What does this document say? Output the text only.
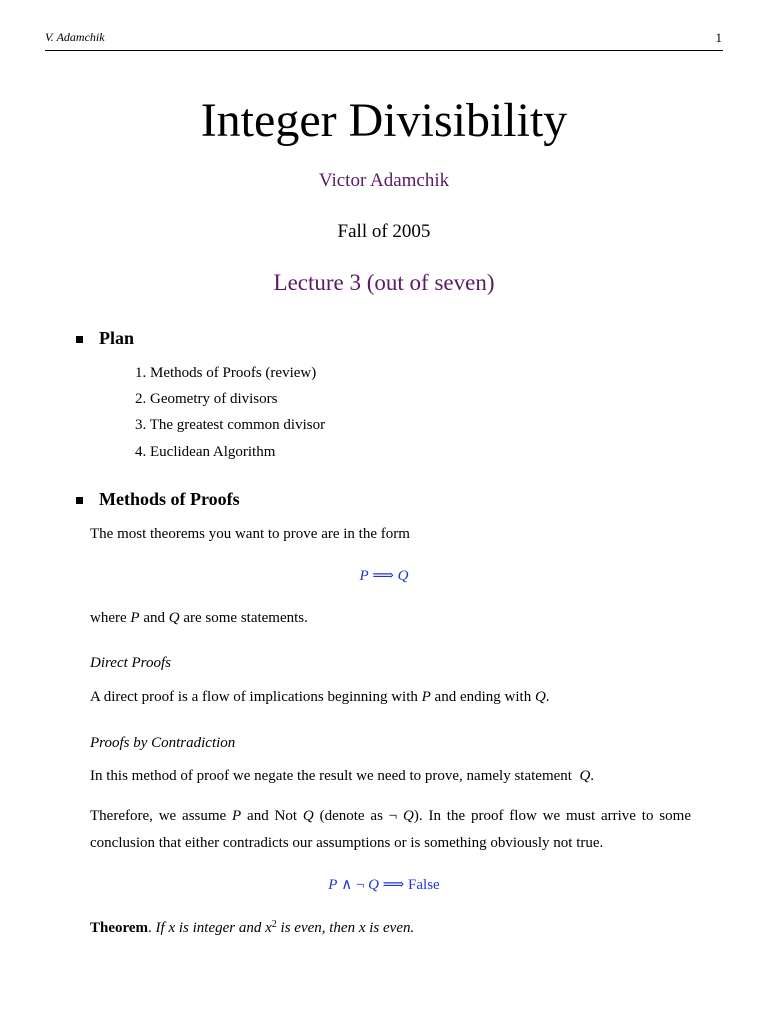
V. Adamchik	1
Integer Divisibility
Victor Adamchik
Fall of 2005
Lecture 3 (out of seven)
Plan
1. Methods of Proofs (review)
2. Geometry of divisors
3. The greatest common divisor
4. Euclidean Algorithm
Methods of Proofs
The most theorems you want to prove are in the form
P ⟹ Q
where P and Q are some statements.
Direct Proofs
A direct proof is a flow of implications beginning with P and ending with Q.
Proofs by Contradiction
In this method of proof we negate the result we need to prove, namely statement  Q.
Therefore, we assume P and Not Q (denote as ¬ Q). In the proof flow we must arrive to some conclusion that either contradicts our assumptions or is something obviously not true.
P ∧ ¬ Q ⟹ False
Theorem. If x is integer and $x^2$ is even, then x is even.
